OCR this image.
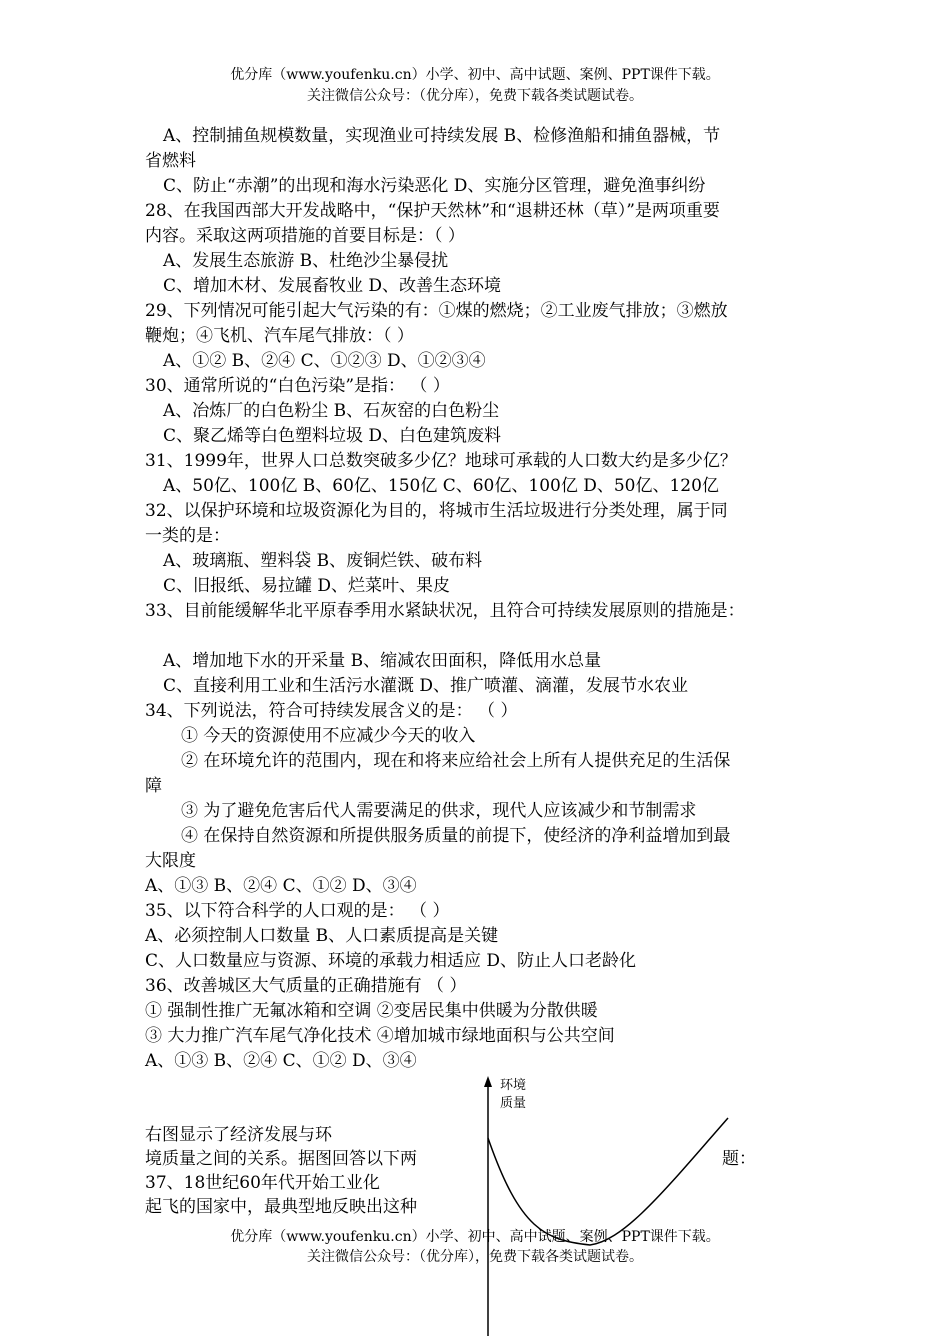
优分库（www.youfenku.cn）小学、初中、高中试题、案例、PPT课件下载。
关注微信公众号：（优分库），免费下载各类试题试卷。
A、控制捕鱼规模数量，实现渔业可持续发展 B、检修渔船和捕鱼器械，节
省燃料
C、防止“赤潮”的出现和海水污染恶化 D、实施分区管理，避免渔事纠纷
28、在我国西部大开发战略中，“保护天然林”和“退耕还林（草）”是两项重要
内容。采取这两项措施的首要目标是：（ ）
A、发展生态旅游 B、杜绝沙尘暴侵扰
C、增加木材、发展畜牧业 D、改善生态环境
29、下列情况可能引起大气污染的有：①煤的燃烧；②工业废气排放；③燃放
鞭炮；④飞机、汽车尾气排放：（ ）
A、①② B、②④ C、①②③ D、①②③④
30、通常所说的“白色污染”是指： （ ）
A、冶炼厂的白色粉尘 B、石灰窑的白色粉尘
C、聚乙烯等白色塑料垃圾 D、白色建筑废料
31、1999年，世界人口总数突破多少亿？地球可承载的人口数大约是多少亿？
A、50亿、100亿 B、60亿、150亿 C、60亿、100亿 D、50亿、120亿
32、以保护环境和垃圾资源化为目的，将城市生活垃圾进行分类处理，属于同
一类的是：
A、玻璃瓶、塑料袋 B、废铜烂铁、破布料
C、旧报纸、易拉罐 D、烂菜叶、果皮
33、目前能缓解华北平原春季用水紧缺状况，且符合可持续发展原则的措施是：
A、增加地下水的开采量 B、缩减农田面积，降低用水总量
C、直接利用工业和生活污水灌溉 D、推广喷灌、滴灌，发展节水农业
34、下列说法，符合可持续发展含义的是： （ ）
① 今天的资源使用不应减少今天的收入
② 在环境允许的范围内，现在和将来应给社会上所有人提供充足的生活保
障
③ 为了避免危害后代人需要满足的供求，现代人应该减少和节制需求
④ 在保持自然资源和所提供服务质量的前提下，使经济的净利益增加到最
大限度
A、①③ B、②④ C、①② D、③④
35、以下符合科学的人口观的是： （ ）
A、必须控制人口数量 B、人口素质提高是关键
C、人口数量应与资源、环境的承载力相适应 D、防止人口老龄化
36、改善城区大气质量的正确措施有 （ ）
① 强制性推广无氟冰箱和空调 ②变居民集中供暖为分散供暖
③ 大力推广汽车尾气净化技术 ④增加城市绿地面积与公共空间
A、①③ B、②④ C、①② D、③④
右图显示了经济发展与环
境质量之间的关系。据图回答以下两	题：
37、18世纪60年代开始工业化
起飞的国家中，最典型地反映出这种
环境
质量
优分库（www.youfenku.cn）小学、初中、高中试题、案例、PPT课件下载。
关注微信公众号：（优分库），免费下载各类试题试卷。
